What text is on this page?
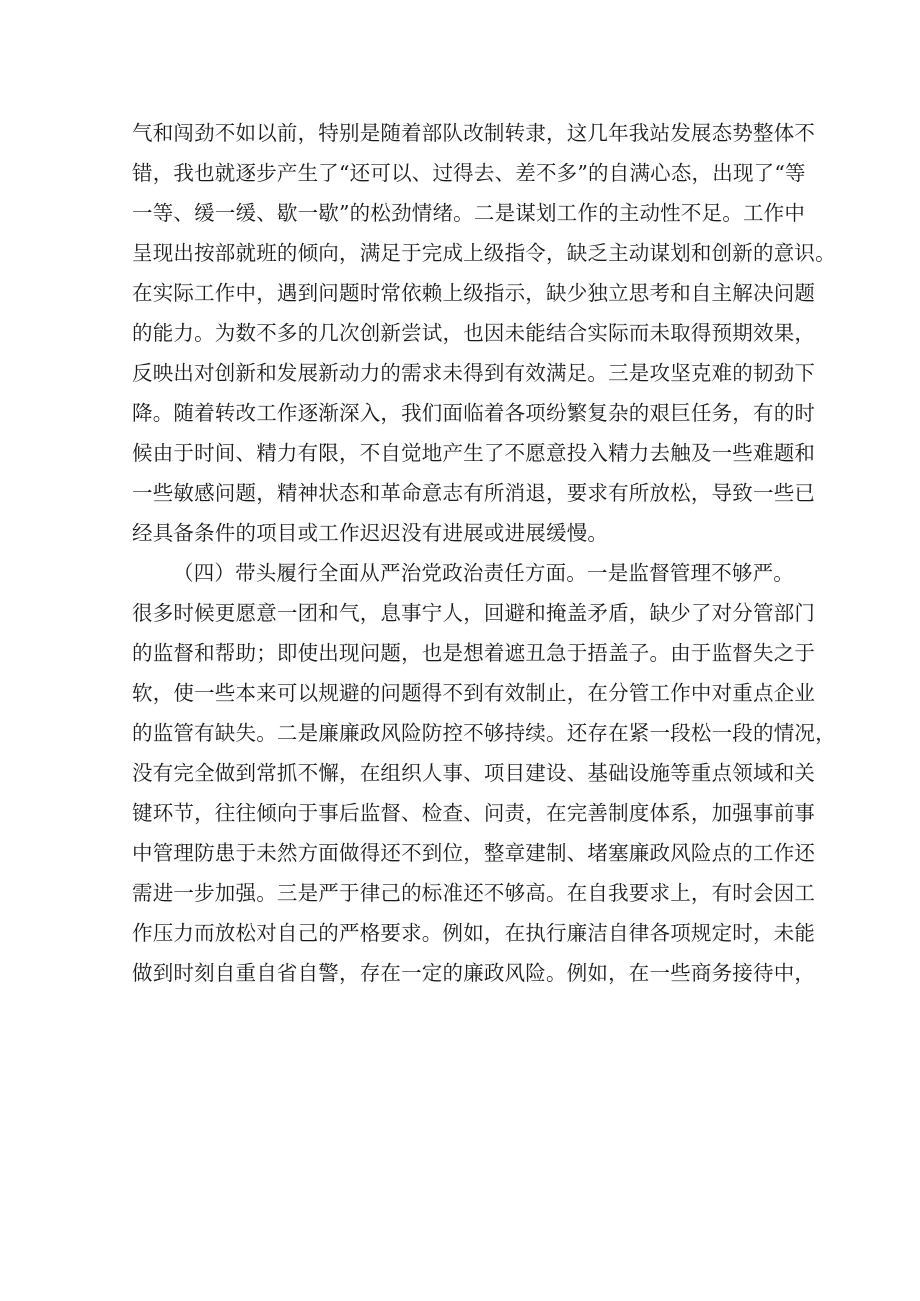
气和闯劲不如以前，特别是随着部队改制转隶，这几年我站发展态势整体不
错，我也就逐步产生了“还可以、过得去、差不多”的自满心态，出现了“等
一等、缓一缓、歇一歇”的松劲情绪。二是谋划工作的主动性不足。工作中
呈现出按部就班的倾向，满足于完成上级指令，缺乏主动谋划和创新的意识。
在实际工作中，遇到问题时常依赖上级指示，缺少独立思考和自主解决问题
的能力。为数不多的几次创新尝试，也因未能结合实际而未取得预期效果，
反映出对创新和发展新动力的需求未得到有效满足。三是攻坚克难的韧劲下
降。随着转改工作逐渐深入，我们面临着各项纷繁复杂的艰巨任务，有的时
候由于时间、精力有限，不自觉地产生了不愿意投入精力去触及一些难题和
一些敏感问题，精神状态和革命意志有所消退，要求有所放松，导致一些已
经具备条件的项目或工作迟迟没有进展或进展缓慢。
（四）带头履行全面从严治党政治责任方面。一是监督管理不够严。
很多时候更愿意一团和气，息事宁人，回避和掩盖矛盾，缺少了对分管部门
的监督和帮助；即使出现问题，也是想着遮丑急于捂盖子。由于监督失之于
软，使一些本来可以规避的问题得不到有效制止，在分管工作中对重点企业
的监管有缺失。二是廉廉政风险防控不够持续。还存在紧一段松一段的情况，
没有完全做到常抓不懈，在组织人事、项目建设、基础设施等重点领域和关
键环节，往往倾向于事后监督、检查、问责，在完善制度体系，加强事前事
中管理防患于未然方面做得还不到位，整章建制、堵塞廉政风险点的工作还
需进一步加强。三是严于律己的标准还不够高。在自我要求上，有时会因工
作压力而放松对自己的严格要求。例如，在执行廉洁自律各项规定时，未能
做到时刻自重自省自警，存在一定的廉政风险。例如，在一些商务接待中，
